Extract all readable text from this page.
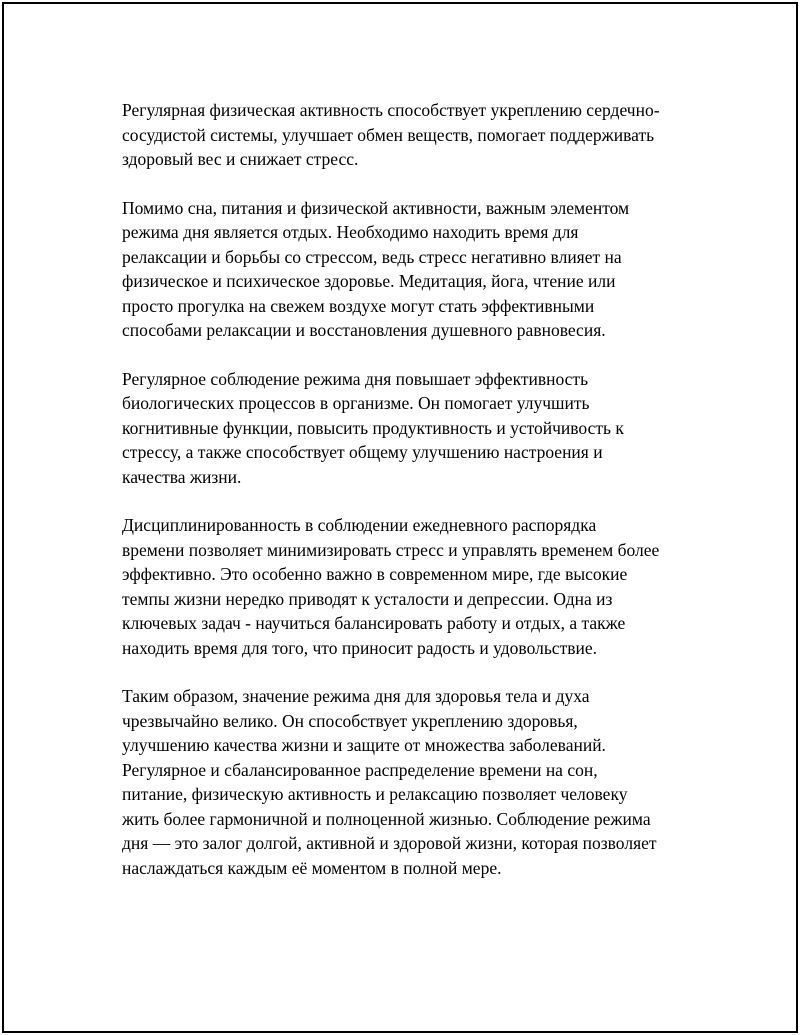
Регулярная физическая активность способствует укреплению сердечно-
сосудистой системы, улучшает обмен веществ, помогает поддерживать
здоровый вес и снижает стресс.

Помимо сна, питания и физической активности, важным элементом
режима дня является отдых. Необходимо находить время для
релаксации и борьбы со стрессом, ведь стресс негативно влияет на
физическое и психическое здоровье. Медитация, йога, чтение или
просто прогулка на свежем воздухе могут стать эффективными
способами релаксации и восстановления душевного равновесия.

Регулярное соблюдение режима дня повышает эффективность
биологических процессов в организме. Он помогает улучшить
когнитивные функции, повысить продуктивность и устойчивость к
стрессу, а также способствует общему улучшению настроения и
качества жизни.

Дисциплинированность в соблюдении ежедневного распорядка
времени позволяет минимизировать стресс и управлять временем более
эффективно. Это особенно важно в современном мире, где высокие
темпы жизни нередко приводят к усталости и депрессии. Одна из
ключевых задач - научиться балансировать работу и отдых, а также
находить время для того, что приносит радость и удовольствие.

Таким образом, значение режима дня для здоровья тела и духа
чрезвычайно велико. Он способствует укреплению здоровья,
улучшению качества жизни и защите от множества заболеваний.
Регулярное и сбалансированное распределение времени на сон,
питание, физическую активность и релаксацию позволяет человеку
жить более гармоничной и полноценной жизнью. Соблюдение режима
дня — это залог долгой, активной и здоровой жизни, которая позволяет
наслаждаться каждым её моментом в полной мере.
